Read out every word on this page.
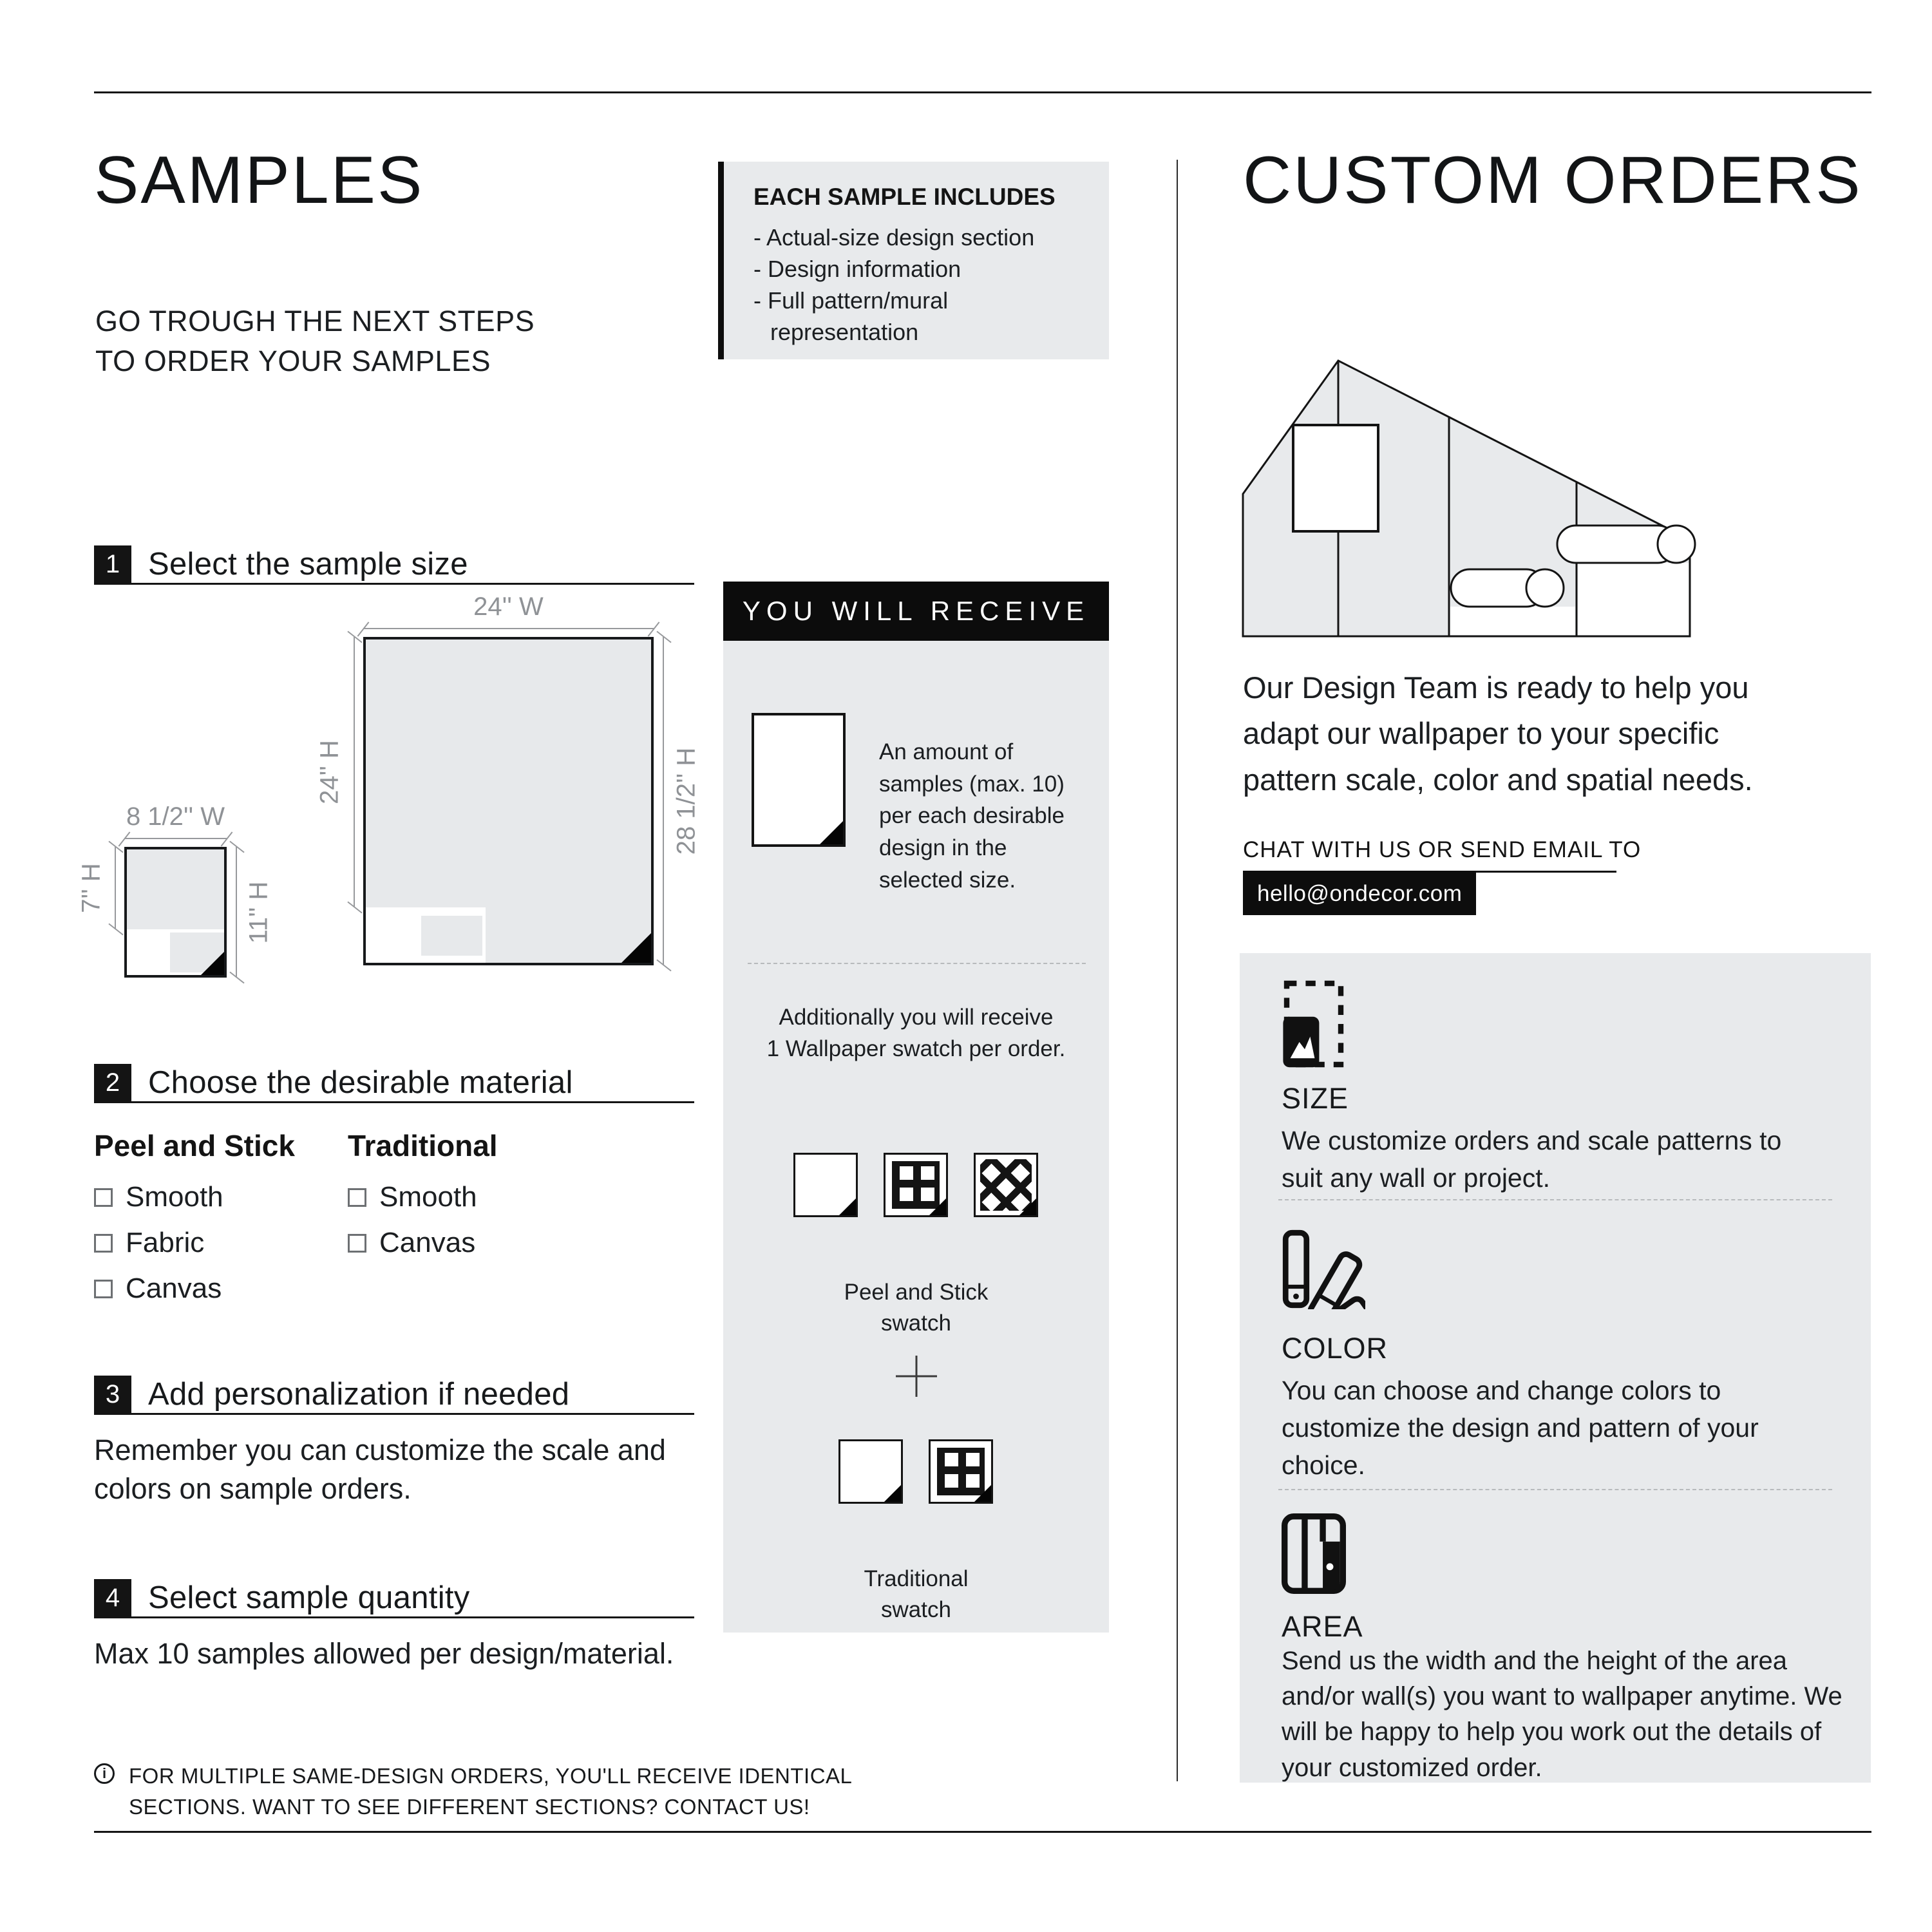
SAMPLES
GO TROUGH THE NEXT STEPS
TO ORDER YOUR SAMPLES
EACH SAMPLE INCLUDES
- Actual-size design section
- Design information
- Full pattern/mural
representation
1 Select the sample size
24'' W
24'' H	28 1/2'' H
8 1/2'' W
7'' H	11'' H
2 Choose the desirable material
Peel and Stick
Smooth
Fabric
Canvas
Traditional
Smooth
Canvas
3 Add personalization if needed
Remember you can customize the scale and colors on sample orders.
4 Select sample quantity
Max 10 samples allowed per design/material.
i
FOR MULTIPLE SAME-DESIGN ORDERS, YOU'LL RECEIVE IDENTICAL
SECTIONS. WANT TO SEE DIFFERENT SECTIONS? CONTACT US!
YOU WILL RECEIVE
An amount of samples (max. 10) per each desirable design in the selected size.
Additionally you will receive
1 Wallpaper swatch per order.
Peel and Stick
swatch
Traditional
swatch
CUSTOM ORDERS
Our Design Team is ready to help you
adapt our wallpaper to your specific
pattern scale, color and spatial needs.
CHAT WITH US OR SEND EMAIL TO
hello@ondecor.com
SIZE
We customize orders and scale patterns to suit any wall or project.
COLOR
You can choose and change colors to customize the design and pattern of your choice.
AREA
Send us the width and the height of the area and/or wall(s) you want to wallpaper anytime. We will be happy to help you work out the details of your customized order.
